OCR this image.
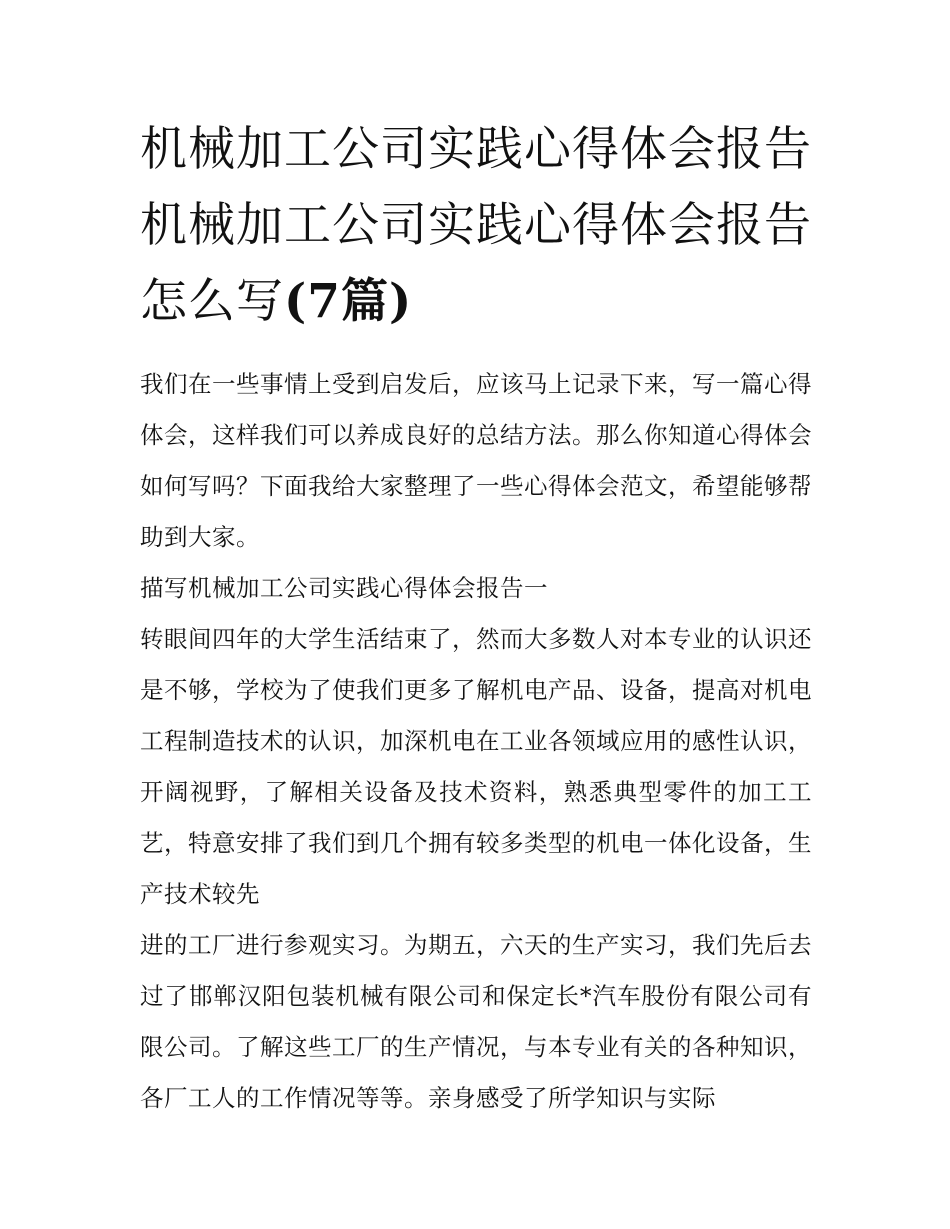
机械加工公司实践心得体会报告 机械加工公司实践心得体会报告怎么写(7篇)

我们在一些事情上受到启发后，应该马上记录下来，写一篇心得体会，这样我们可以养成良好的总结方法。那么你知道心得体会如何写吗？下面我给大家整理了一些心得体会范文，希望能够帮助到大家。

描写机械加工公司实践心得体会报告一

转眼间四年的大学生活结束了，然而大多数人对本专业的认识还是不够，学校为了使我们更多了解机电产品、设备，提高对机电工程制造技术的认识，加深机电在工业各领域应用的感性认识，开阔视野，了解相关设备及技术资料，熟悉典型零件的加工工艺，特意安排了我们到几个拥有较多类型的机电一体化设备，生产技术较先

进的工厂进行参观实习。为期五，六天的生产实习，我们先后去过了邯郸汉阳包装机械有限公司和保定长*汽车股份有限公司有限公司。了解这些工厂的生产情况，与本专业有关的各种知识，各厂工人的工作情况等等。亲身感受了所学知识与实际
